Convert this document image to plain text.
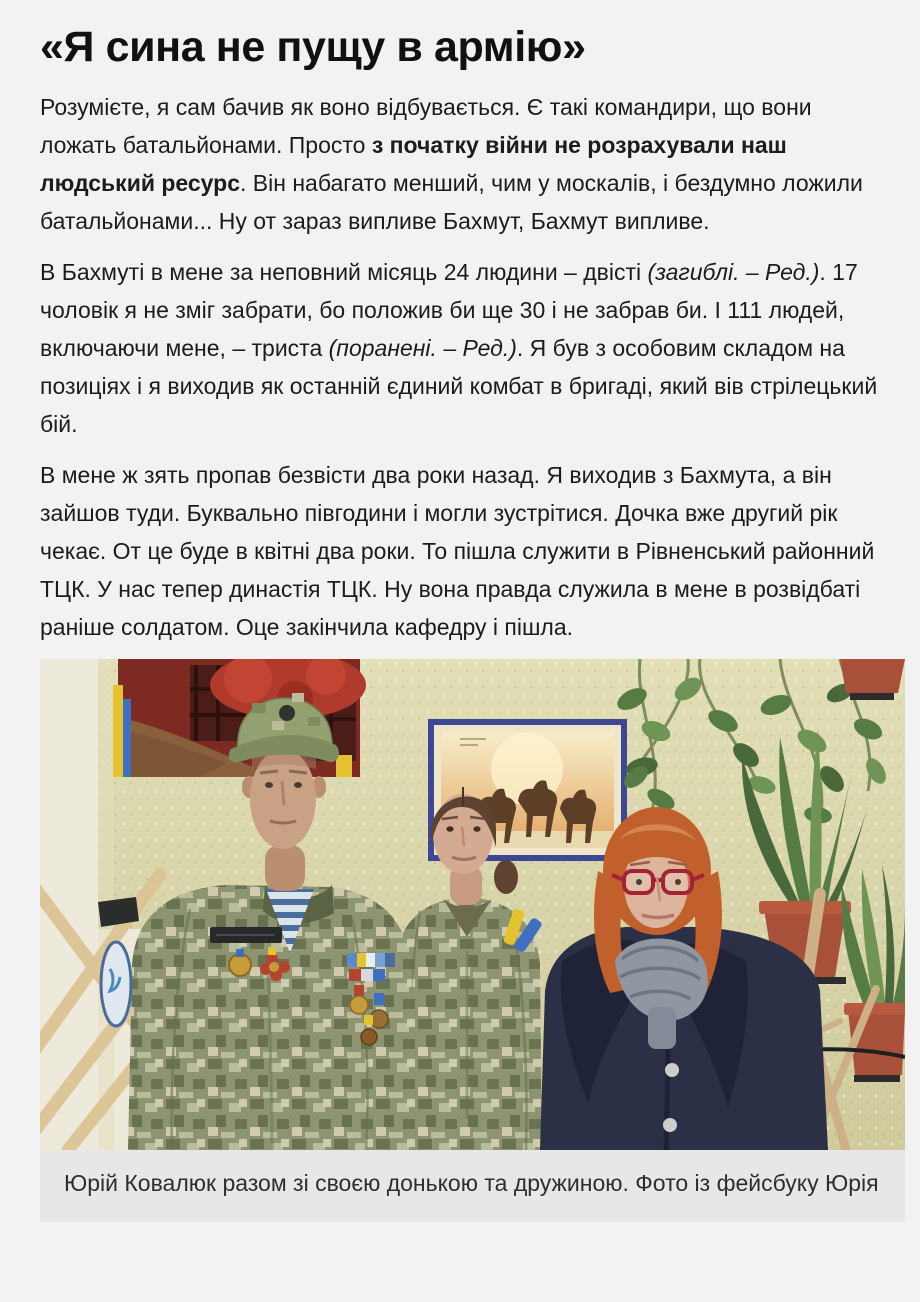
«Я сина не пущу в армію»

Розумієте, я сам бачив як воно відбувається. Є такі командири, що вони ложать батальйонами. Просто з початку війни не розрахували наш людський ресурс. Він набагато менший, чим у москалів, і бездумно ложили батальйонами... Ну от зараз випливе Бахмут, Бахмут випливе.

В Бахмуті в мене за неповний місяць 24 людини – двісті (загиблі. – Ред.). 17 чоловік я не зміг забрати, бо положив би ще 30 і не забрав би. І 111 людей, включаючи мене, – триста (поранені. – Ред.). Я був з особовим складом на позиціях і я виходив як останній єдиний комбат в бригаді, який вів стрілецький бій.

В мене ж зять пропав безвісти два роки назад. Я виходив з Бахмута, а він зайшов туди. Буквально півгодини і могли зустрітися. Дочка вже другий рік чекає. От це буде в квітні два роки. То пішла служити в Рівненський районний ТЦК. У нас тепер династія ТЦК. Ну вона правда служила в мене в розвідбаті раніше солдатом. Оце закінчила кафедру і пішла.

Юрій Ковалюк разом зі своєю донькою та дружиною. Фото із фейсбуку Юрія
